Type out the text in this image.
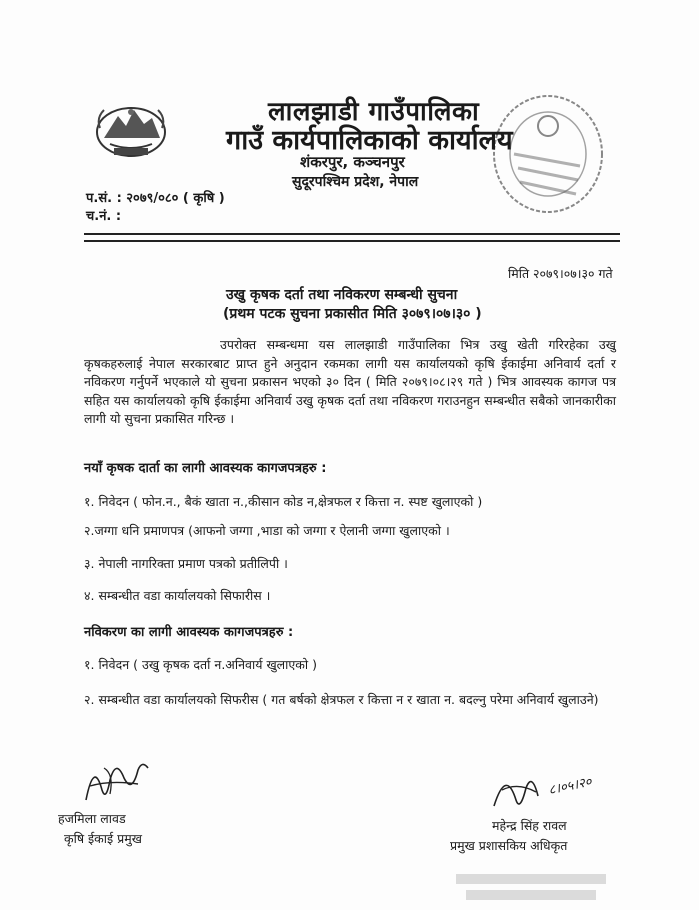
लालझाडी गाउँपालिका
गाउँ कार्यपालिकाको कार्यालय
शंकरपुर, कञ्चनपुर
सुदूरपश्चिम प्रदेश, नेपाल
प.सं. : २०७९/०८० ( कृषि )
च.नं. :
मिति २०७९।०७।३० गते
उखु कृषक दर्ता तथा नविकरण सम्बन्धी सुचना
(प्रथम पटक सुचना प्रकासीत मिति ३०७९।०७।३० )
उपरोक्त सम्बन्धमा यस लालझाडी गाउँपालिका भित्र उखु खेती गरिरहेका उखु कृषकहरुलाई नेपाल सरकारबाट प्राप्त हुने अनुदान रकमका लागी यस कार्यालयको कृषि ईकाईमा अनिवार्य दर्ता र नविकरण गर्नुपर्ने भएकाले यो सुचना प्रकासन भएको ३० दिन ( मिति २०७९।०८।२९ गते ) भित्र आवस्यक कागज पत्र सहित यस कार्यालयको कृषि ईकाईमा अनिवार्य उखु कृषक दर्ता तथा नविकरण गराउनहुन सम्बन्धीत सबैको जानकारीका लागी यो सुचना प्रकासित गरिन्छ ।
नयाँ कृषक दार्ता का लागी आवस्यक कागजपत्रहरु :
१. निवेदन ( फोन.न., बैकं खाता न.,कीसान कोड न,क्षेत्रफल र कित्ता न. स्पष्ट खुलाएको )
२.जग्गा धनि प्रमाणपत्र (आफनो जग्गा ,भाडा को जग्गा र ऐलानी जग्गा खुलाएको ।
३. नेपाली नागरिक्ता प्रमाण पत्रको प्रतीलिपी ।
४. सम्बन्धीत वडा कार्यालयको सिफारीस ।
नविकरण का लागी आवस्यक कागजपत्रहरु :
१. निवेदन ( उखु कृषक दर्ता न.अनिवार्य खुलाएको )
२. सम्बन्धीत वडा कार्यालयको सिफरीस ( गत बर्षको क्षेत्रफल र कित्ता न र खाता न. बदल्नु परेमा अनिवार्य खुलाउने)
८।०५।२०
हजमिला लावड
कृषि ईकाई प्रमुख
महेन्द्र सिंह रावल
प्रमुख प्रशासकिय अधिकृत
